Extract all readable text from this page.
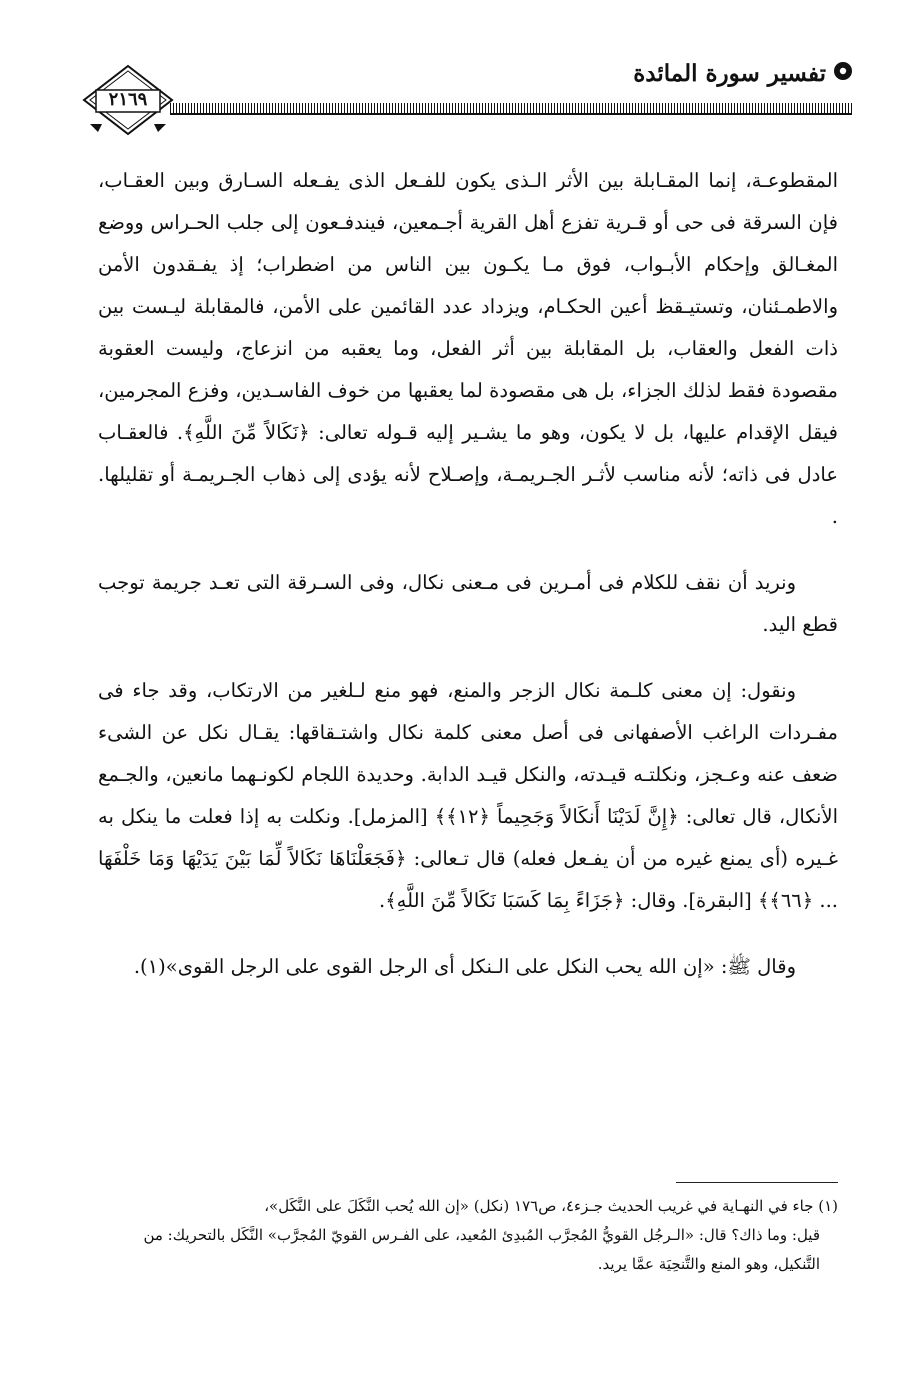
تفسير سورة المائدة
٢١٦٩

المقطوعـة، إنما المقـابلة بين الأثر الـذى يكون للفـعل الذى يفـعله السـارق وبين العقـاب، فإن السرقة فى حى أو قـرية تفزع أهل القرية أجـمعين، فيندفـعون إلى جلب الحـراس ووضع المغـالق وإحكام الأبـواب، فوق مـا يكـون بين الناس من اضطراب؛ إذ يفـقدون الأمن والاطمـئنان، وتستيـقظ أعين الحكـام، ويزداد عدد القائمين على الأمن، فالمقابلة ليـست بين ذات الفعل والعقاب، بل المقابلة بين أثر الفعل، وما يعقبه من انزعاج، وليست العقوبة مقصودة فقط لذلك الجزاء، بل هى مقصودة لما يعقبها من خوف الفاسـدين، وفزع المجرمين، فيقل الإقدام عليها، بل لا يكون، وهو ما يشـير إليه قـوله تعالى: ﴿نَكَالاً مِّنَ اللَّهِ﴾. فالعقـاب عادل فى ذاته؛ لأنه مناسب لأثـر الجـريمـة، وإصـلاح لأنه يؤدى إلى ذهاب الجـريمـة أو تقليلها. .

ونريد أن نقف للكلام فى أمـرين فى مـعنى نكال، وفى السـرقة التى تعـد جريمة توجب قطع اليد.

ونقول: إن معنى كلـمة نكال الزجر والمنع، فهو منع لـلغير من الارتكاب، وقد جاء فى مفـردات الراغب الأصفهانى فى أصل معنى كلمة نكال واشتـقاقها: يقـال نكل عن الشىء ضعف عنه وعـجز، ونكلتـه قيـدته، والنكل قيـد الدابة. وحديدة اللجام لكونـهما مانعين، والجـمع الأنكال، قال تعالى: ﴿إِنَّ لَدَيْنَا أَنكَالاً وَجَحِيماً ﴿١٢﴾﴾ [المزمل]. ونكلت به إذا فعلت ما ينكل به غـيره (أى يمنع غيره من أن يفـعل فعله) قال تـعالى: ﴿فَجَعَلْنَاهَا نَكَالاً لِّمَا بَيْنَ يَدَيْهَا وَمَا خَلْفَهَا ... ﴿٦٦﴾﴾ [البقرة]. وقال: ﴿جَزَاءً بِمَا كَسَبَا نَكَالاً مِّنَ اللَّهِ﴾.

وقال ﷺ: «إن الله يحب النكل على الـنكل أى الرجل القوى على الرجل القوى»(١).

(١) جاء في النهـاية في غريب الحديث جـزء٤، ص١٧٦ (نكل) «إن الله يُحب النَّكَلَ على النَّكَل»،

قيل: وما ذاك؟ قال: «الـرجُل القويُّ المُجرَّب المُبدِئ المُعيد، على الفـرس القويّ المُجرَّب» النَّكَل بالتحريك: من التَّنكيل، وهو المنع والتَّنحِيَة عمَّا يريد.
